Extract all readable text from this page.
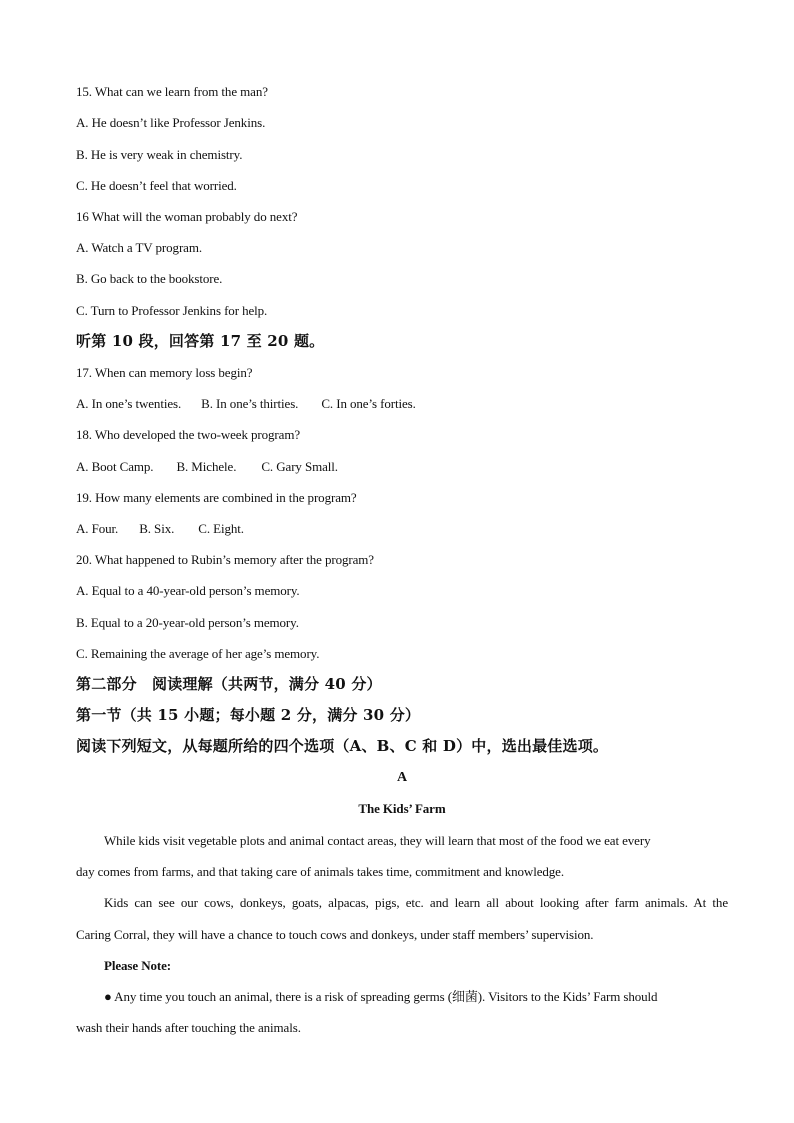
15. What can we learn from the man?
A. He doesn’t like Professor Jenkins.
B. He is very weak in chemistry.
C. He doesn’t feel that worried.
16 What will the woman probably do next?
A. Watch a TV program.
B. Go back to the bookstore.
C. Turn to Professor Jenkins for help.
听第 10 段，回答第 17 至 20 题。
17. When can memory loss begin?
A. In one’s twenties. B. In one’s thirties. C. In one’s forties.
18. Who developed the two-week program?
A. Boot Camp. B. Michele. C. Gary Small.
19. How many elements are combined in the program?
A. Four. B. Six. C. Eight.
20. What happened to Rubin’s memory after the program?
A. Equal to a 40-year-old person’s memory.
B. Equal to a 20-year-old person’s memory.
C. Remaining the average of her age’s memory.
第二部分　阅读理解（共两节，满分 40 分）
第一节（共 15 小题；每小题 2 分，满分 30 分）
阅读下列短文，从每题所给的四个选项（A、B、C 和 D）中，选出最佳选项。
A
The Kids’ Farm
While kids visit vegetable plots and animal contact areas, they will learn that most of the food we eat every
day comes from farms, and that taking care of animals takes time, commitment and knowledge.
Kids can see our cows, donkeys, goats, alpacas, pigs, etc. and learn all about looking after farm animals. At the
Caring Corral, they will have a chance to touch cows and donkeys, under staff members’ supervision.
Please Note:
● Any time you touch an animal, there is a risk of spreading germs (细菌). Visitors to the Kids’ Farm should
wash their hands after touching the animals.
